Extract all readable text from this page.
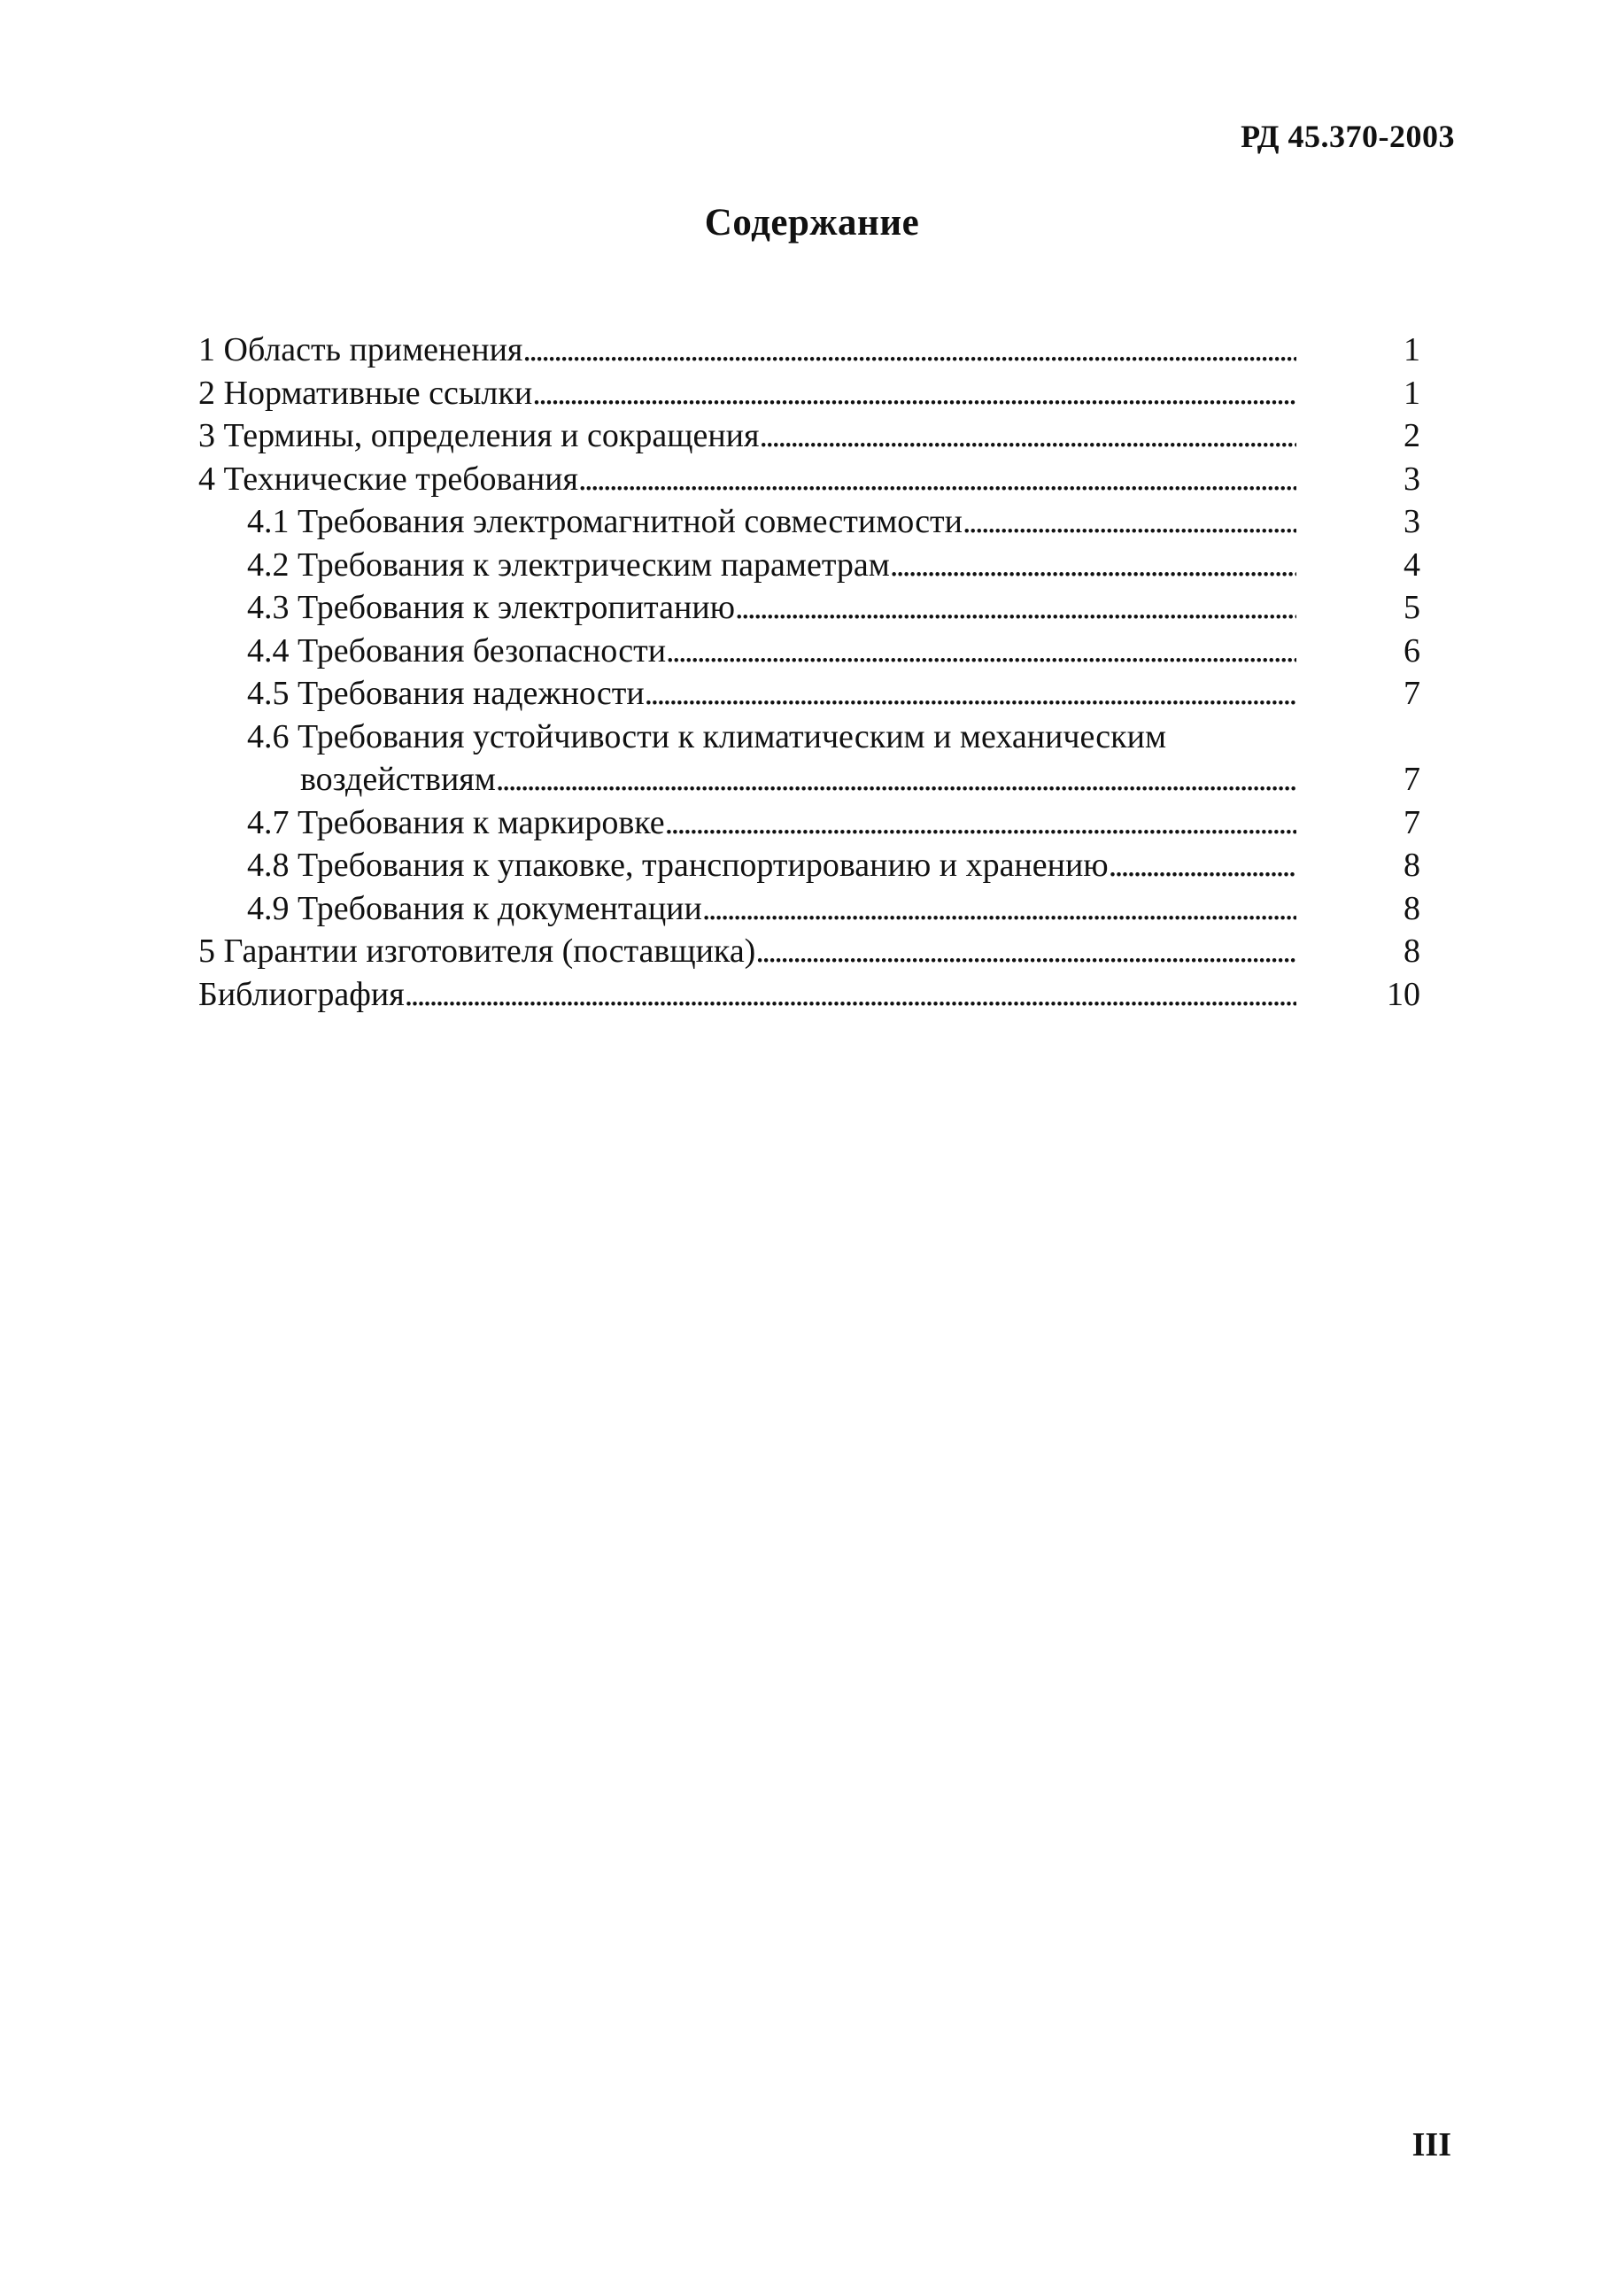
РД 45.370-2003
Содержание
1 Область применения . . .	1
2 Нормативные ссылки . . .	1
3 Термины, определения и сокращения . . .	2
4 Технические требования . . .	3
4.1 Требования электромагнитной совместимости . . .	3
4.2 Требования к электрическим параметрам . . .	4
4.3 Требования к электропитанию . . .	5
4.4 Требования безопасности . . .	6
4.5 Требования надежности . . .	7
4.6 Требования устойчивости к климатическим и механическим
воздействиям . . .	7
4.7 Требования к маркировке . . .	7
4.8 Требования к упаковке, транспортированию и хранению . . .	8
4.9 Требования к документации . . .	8
5 Гарантии изготовителя (поставщика) . . .	8
Библиография . . .	10
III
